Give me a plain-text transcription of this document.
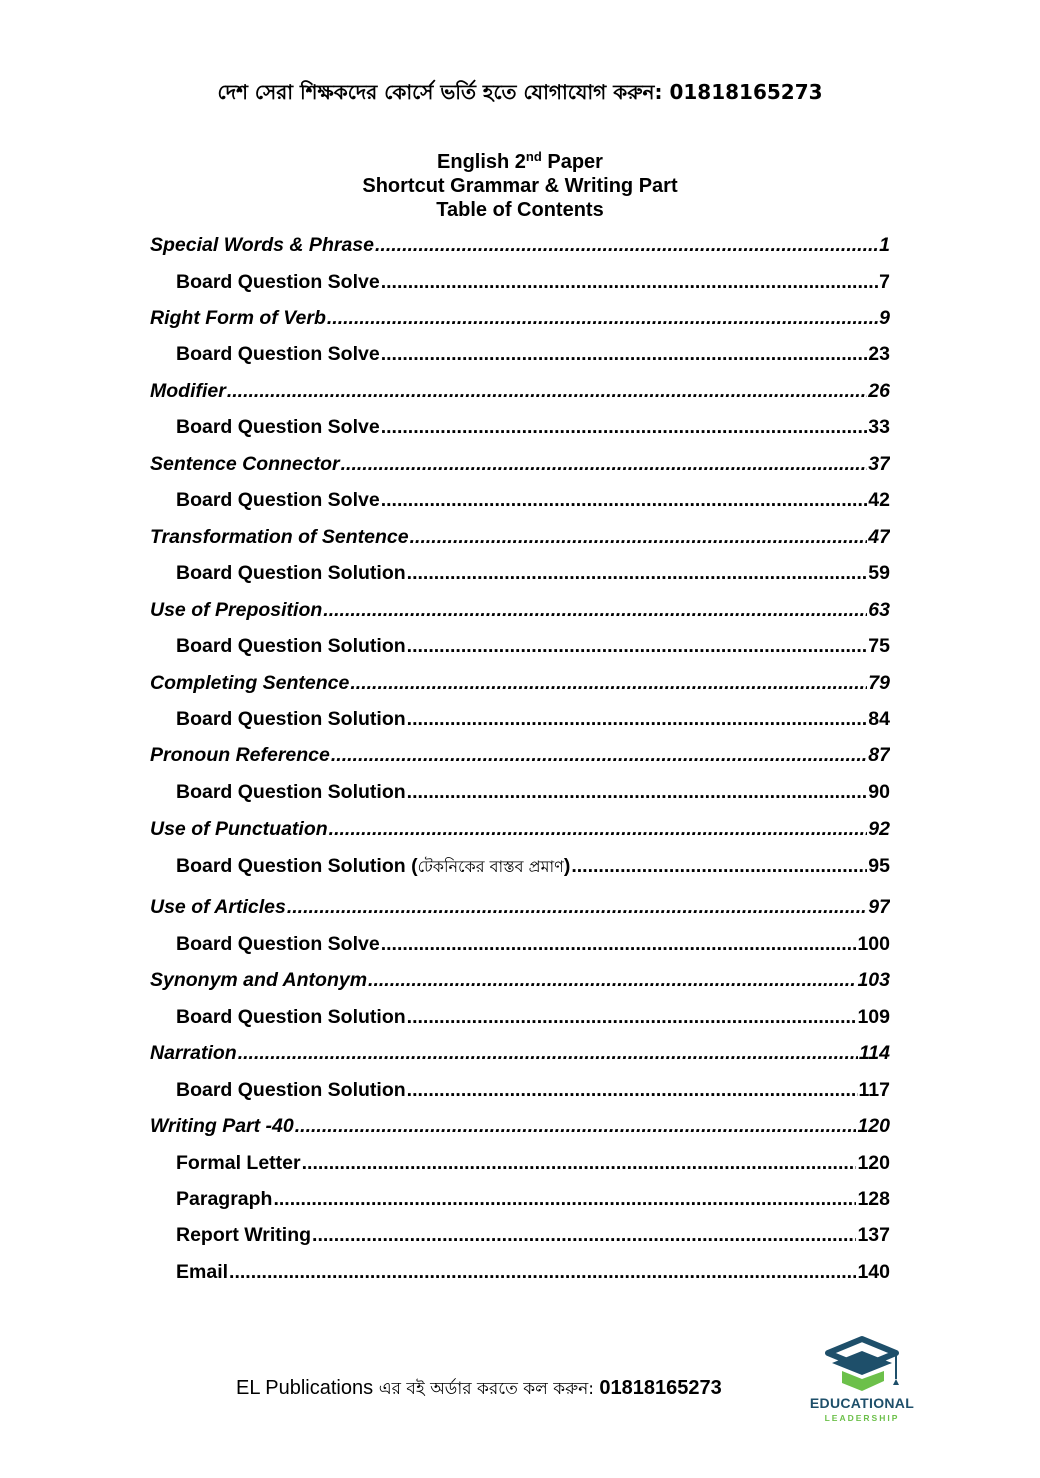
দেশ সেরা শিক্ষকদের কোর্সে ভর্তি হতে যোগাযোগ করুন: 01818165273
English 2nd Paper
Shortcut Grammar & Writing Part
Table of Contents
Special Words & Phrase .....	1
Board Question Solve .....	7
Right Form of Verb .....	9
Board Question Solve .....	23
Modifier .....	26
Board Question Solve .....	33
Sentence Connector .....	37
Board Question Solve .....	42
Transformation of Sentence .....	47
Board Question Solution .....	59
Use of Preposition .....	63
Board Question Solution .....	75
Completing Sentence .....	79
Board Question Solution .....	84
Pronoun Reference .....	87
Board Question Solution .....	90
Use of Punctuation .....	92
Board Question Solution (টেকনিকের বাস্তব প্রমাণ) .....	95
Use of Articles .....	97
Board Question Solve .....	100
Synonym and Antonym .....	103
Board Question Solution .....	109
Narration .....	114
Board Question Solution .....	117
Writing Part -40 .....	120
Formal Letter .....	120
Paragraph .....	128
Report Writing .....	137
Email .....	140
EL Publications এর বই অর্ডার করতে কল করুন: 01818165273
EDUCATIONAL
LEADERSHIP
